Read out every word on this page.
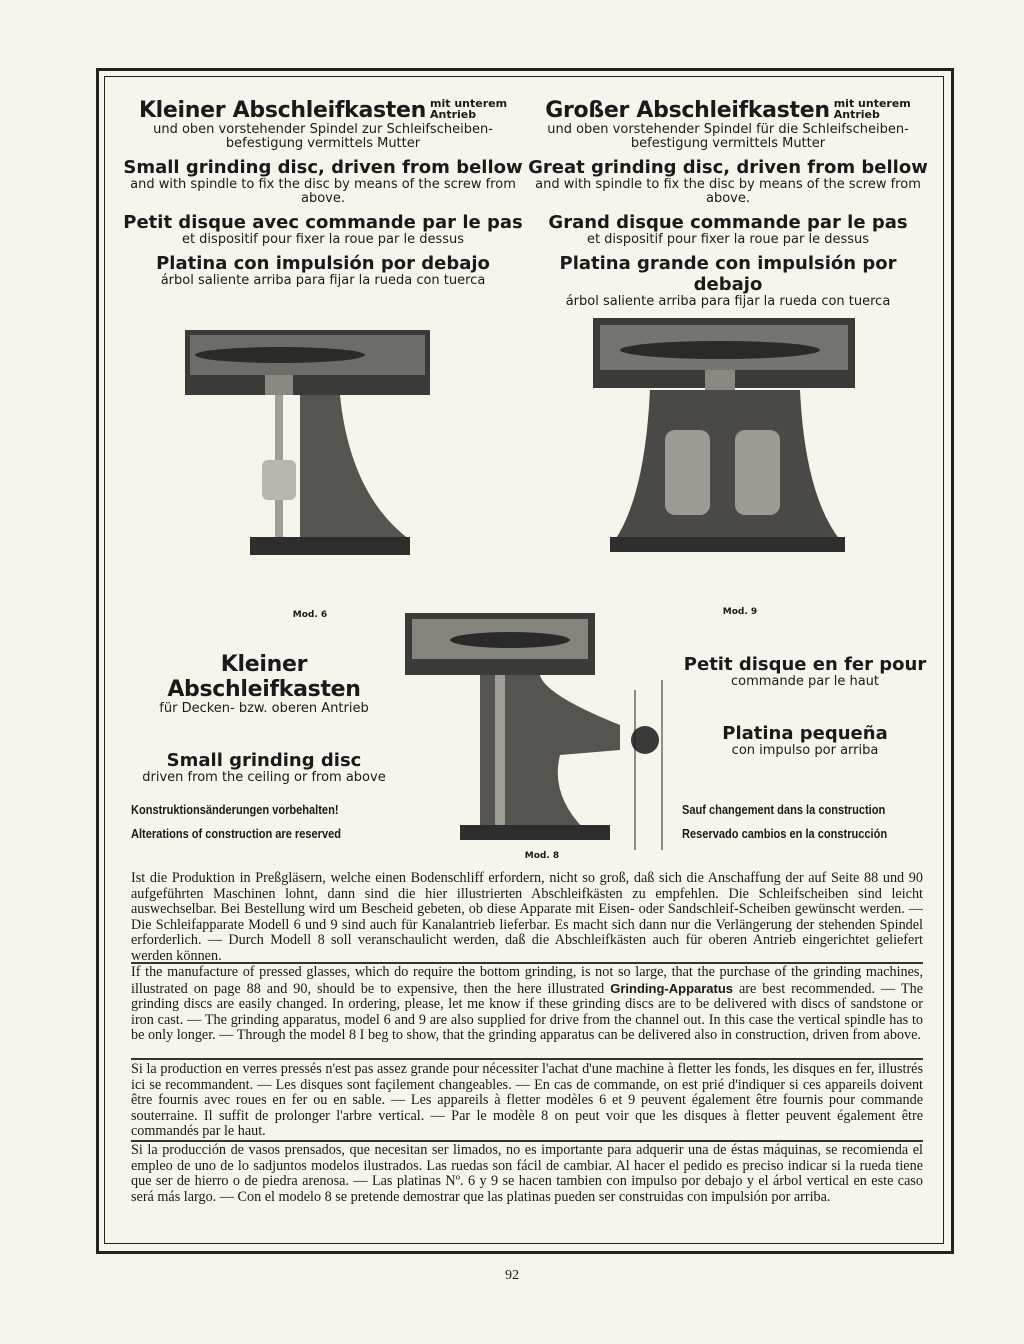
Kleiner Abschleifkasten mit unterem
Antrieb
und oben vorstehender Spindel zur Schleifscheiben-
befestigung vermittels Mutter
Small grinding disc, driven from bellow
and with spindle to fix the disc by means of the screw from above.
Petit disque avec commande par le pas
et dispositif pour fixer la roue par le dessus
Platina con impulsión por debajo
árbol saliente arriba para fijar la rueda con tuerca
Großer Abschleifkasten mit unterem
Antrieb
und oben vorstehender Spindel für die Schleifscheiben-
befestigung vermittels Mutter
Great grinding disc, driven from bellow
and with spindle to fix the disc by means of the screw from above.
Grand disque commande par le pas
et dispositif pour fixer la roue par le dessus
Platina grande con impulsión por debajo
árbol saliente arriba para fijar la rueda con tuerca
Mod. 6	Mod. 9
Mod. 8
Kleiner Abschleifkasten
für Decken- bzw. oberen Antrieb
Small grinding disc
driven from the ceiling or from above
Petit disque en fer pour
commande par le haut
Platina pequeña
con impulso por arriba
Konstruktionsänderungen vorbehalten!
Alterations of construction are reserved
Sauf changement dans la construction
Reservado cambios en la construcción
Ist die Produktion in Preßgläsern, welche einen Bodenschliff erfordern, nicht so groß, daß sich die Anschaffung der auf Seite 88 und 90 aufgeführten Maschinen lohnt, dann sind die hier illustrierten Abschleifkästen zu empfehlen. Die Schleifscheiben sind leicht auswechselbar. Bei Bestellung wird um Bescheid gebeten, ob diese Apparate mit Eisen- oder Sandschleif-Scheiben gewünscht werden. — Die Schleifapparate Modell 6 und 9 sind auch für Kanalantrieb lieferbar. Es macht sich dann nur die Verlängerung der stehenden Spindel erforderlich. — Durch Modell 8 soll veranschaulicht werden, daß die Abschleifkästen auch für oberen Antrieb eingerichtet geliefert werden können.
If the manufacture of pressed glasses, which do require the bottom grinding, is not so large, that the purchase of the grinding machines, illustrated on page 88 and 90, should be to expensive, then the here illustrated Grinding-Apparatus are best recommended. — The grinding discs are easily changed. In ordering, please, let me know if these grinding discs are to be delivered with discs of sandstone or iron cast. — The grinding apparatus, model 6 and 9 are also supplied for drive from the channel out. In this case the vertical spindle has to be only longer. — Through the model 8 I beg to show, that the grinding apparatus can be delivered also in construction, driven from above.
Si la production en verres pressés n'est pas assez grande pour nécessiter l'achat d'une machine à fletter les fonds, les disques en fer, illustrés ici se recommandent. — Les disques sont façilement changeables. — En cas de commande, on est prié d'indiquer si ces appareils doivent être fournis avec roues en fer ou en sable. — Les appareils à fletter modèles 6 et 9 peuvent également être fournis pour commande souterraine. Il suffit de prolonger l'arbre vertical. — Par le modèle 8 on peut voir que les disques à fletter peuvent également être commandés par le haut.
Si la producción de vasos prensados, que necesitan ser limados, no es importante para adquerir una de éstas máquinas, se recomienda el empleo de uno de lo sadjuntos modelos ilustrados. Las ruedas son fácil de cambiar. Al hacer el pedido es preciso indicar si la rueda tiene que ser de hierro o de piedra arenosa. — Las platinas Nº. 6 y 9 se hacen tambien con impulso por debajo y el árbol vertical en este caso será más largo. — Con el modelo 8 se pretende demostrar que las platinas pueden ser construidas con impulsión por arriba.
92
